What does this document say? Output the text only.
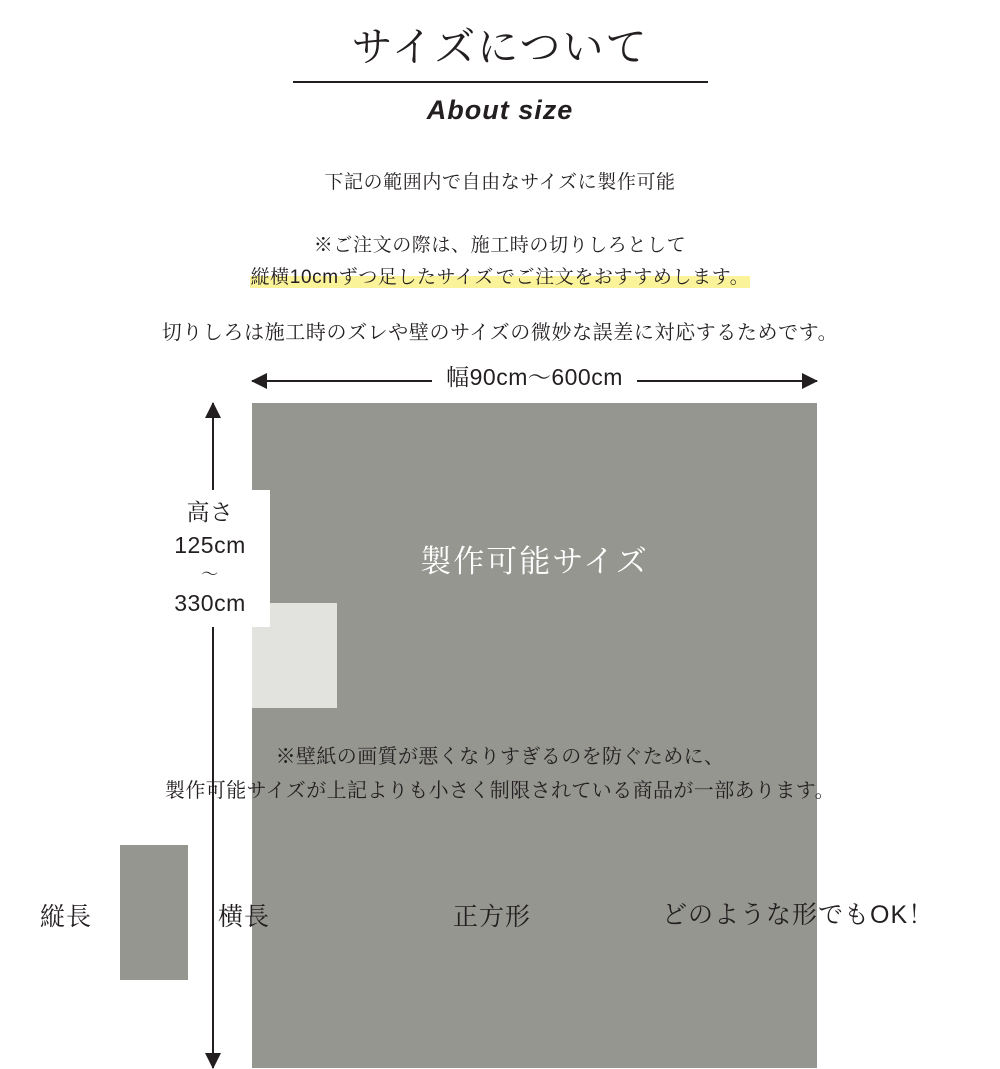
サイズについて
About size
下記の範囲内で自由なサイズに製作可能
※ご注文の際は、施工時の切りしろとして
縦横10cmずつ足したサイズ でご注文をおすすめします。
切りしろは施工時のズレや壁のサイズの微妙な誤差に対応するためです。
製作可能サイズ
幅90cm〜600cm
高さ
125cm
〜
330cm
※壁紙の画質が悪くなりすぎるのを防ぐために、
製作可能サイズが上記よりも小さく制限されている商品が一部あります。
縦長	横長	正方形	どのような形でもOK！
